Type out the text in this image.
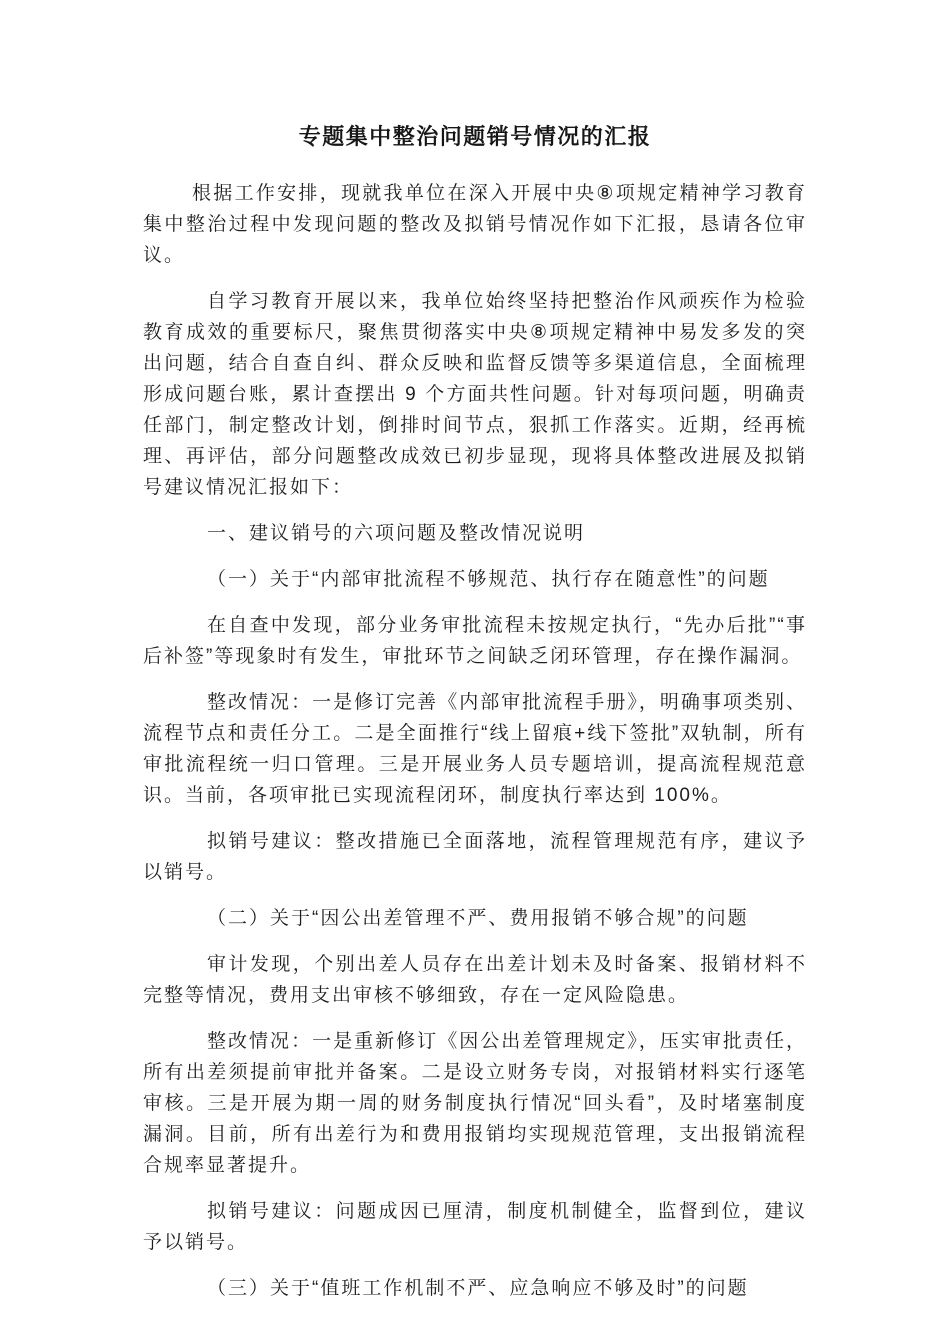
专题集中整治问题销号情况的汇报

根据工作安排，现就我单位在深入开展中央⑧项规定精神学习教育集中整治过程中发现问题的整改及拟销号情况作如下汇报，恳请各位审议。

自学习教育开展以来，我单位始终坚持把整治作风顽疾作为检验教育成效的重要标尺，聚焦贯彻落实中央⑧项规定精神中易发多发的突出问题，结合自查自纠、群众反映和监督反馈等多渠道信息，全面梳理形成问题台账，累计查摆出 9 个方面共性问题。针对每项问题，明确责任部门，制定整改计划，倒排时间节点，狠抓工作落实。近期，经再梳理、再评估，部分问题整改成效已初步显现，现将具体整改进展及拟销号建议情况汇报如下：

一、建议销号的六项问题及整改情况说明

（一）关于“内部审批流程不够规范、执行存在随意性”的问题

在自查中发现，部分业务审批流程未按规定执行，“先办后批”“事后补签”等现象时有发生，审批环节之间缺乏闭环管理，存在操作漏洞。

整改情况：一是修订完善《内部审批流程手册》，明确事项类别、流程节点和责任分工。二是全面推行“线上留痕+线下签批”双轨制，所有审批流程统一归口管理。三是开展业务人员专题培训，提高流程规范意识。当前，各项审批已实现流程闭环，制度执行率达到 100%。

拟销号建议：整改措施已全面落地，流程管理规范有序，建议予以销号。

（二）关于“因公出差管理不严、费用报销不够合规”的问题

审计发现，个别出差人员存在出差计划未及时备案、报销材料不完整等情况，费用支出审核不够细致，存在一定风险隐患。

整改情况：一是重新修订《因公出差管理规定》，压实审批责任，所有出差须提前审批并备案。二是设立财务专岗，对报销材料实行逐笔审核。三是开展为期一周的财务制度执行情况“回头看”，及时堵塞制度漏洞。目前，所有出差行为和费用报销均实现规范管理，支出报销流程合规率显著提升。

拟销号建议：问题成因已厘清，制度机制健全，监督到位，建议予以销号。

（三）关于“值班工作机制不严、应急响应不够及时”的问题
